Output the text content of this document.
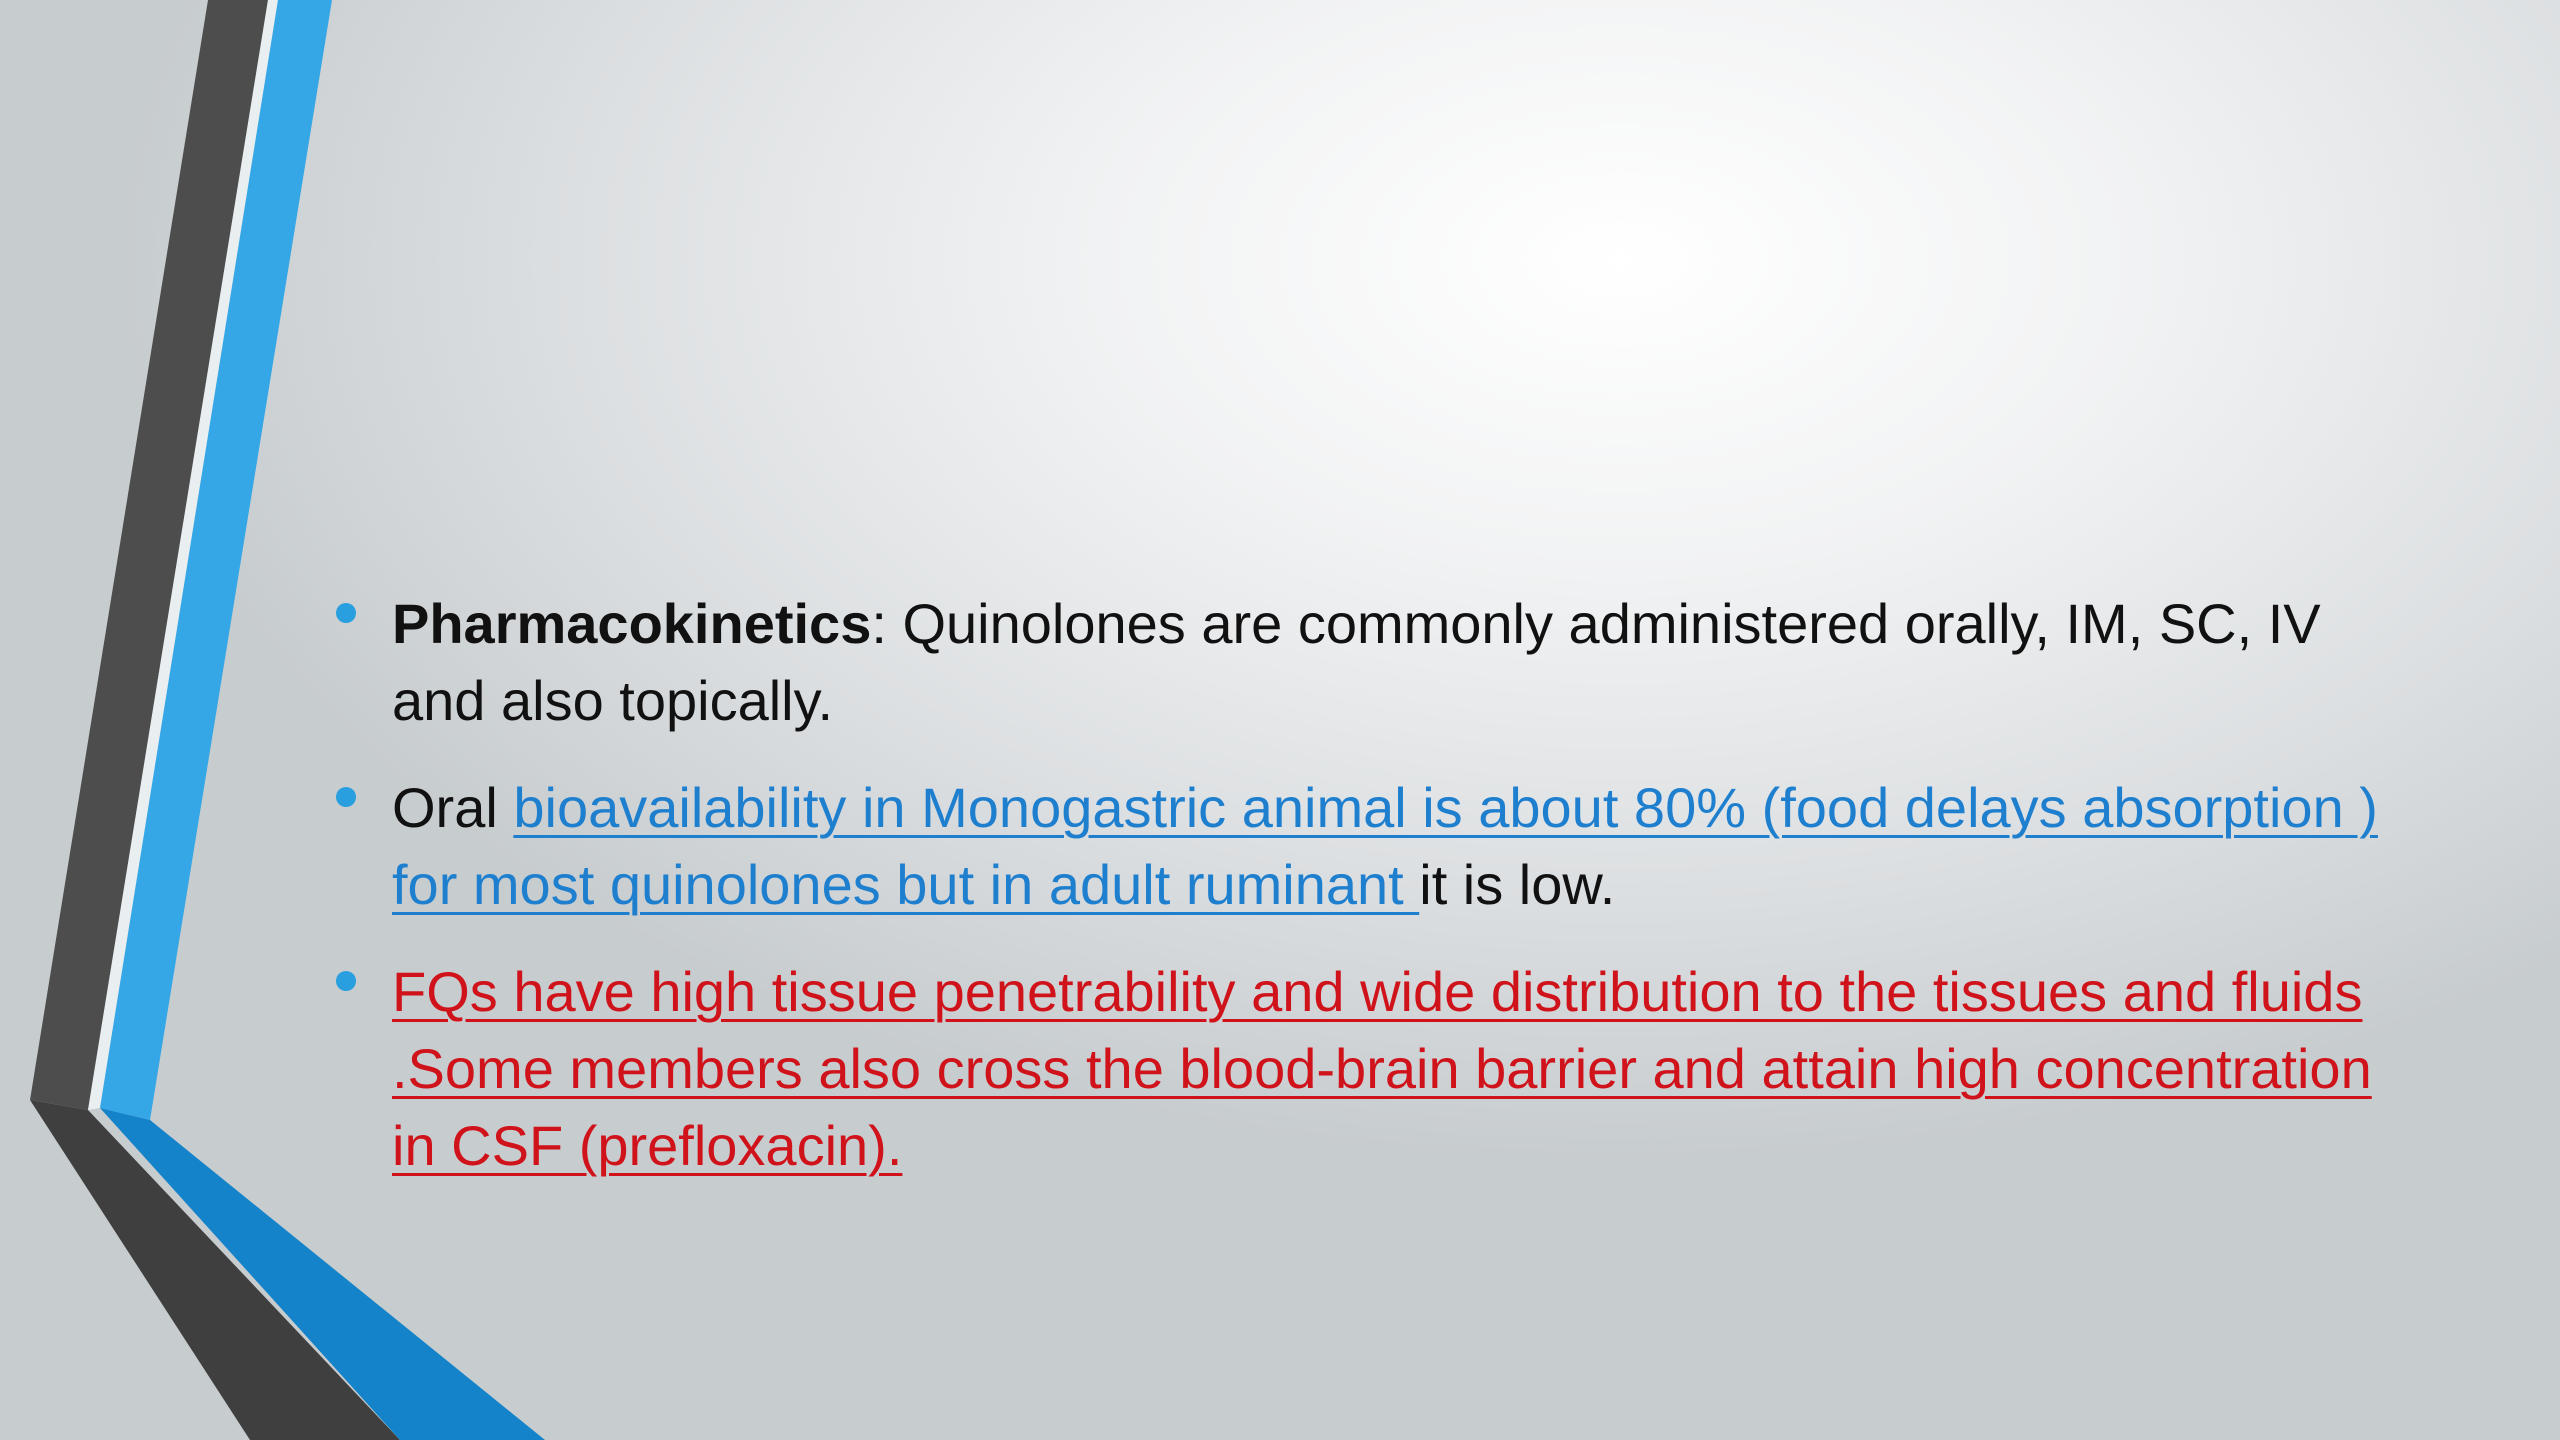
Pharmacokinetics: Quinolones are commonly administered orally, IM, SC, IV and also topically.
Oral bioavailability in Monogastric animal is about 80% (food delays absorption ) for most quinolones but in adult ruminant it is low.
FQs have high tissue penetrability and wide distribution to the tissues and fluids .Some members also cross the blood-brain barrier and attain high concentration in CSF (prefloxacin).
